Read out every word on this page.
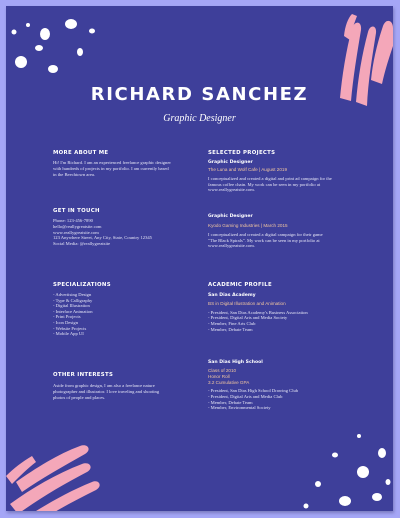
RICHARD SANCHEZ
Graphic Designer

MORE ABOUT ME

Hi! I'm Richard. I am an experienced freelance graphic designer with hundreds of projects in my portfolio. I am currently based in the Beechtown area.

GET IN TOUCH

Phone: 123-456-7890

hello@reallygreatsite.com

www.reallygreatsite.com

123 Anywhere Street, Any City, State, Country 12345

Social Media: @reallygreatsite

SPECIALIZATIONS

- Advertising Design
- Type & Calligraphy
- Digital Illustration
- Interface Animation
- Print Projects
- Icon Design
- Website Projects
- Mobile App UI

OTHER INTERESTS

Aside from graphic design, I am also a freelance nature photographer and illustrator. I love traveling and shooting photos of people and places.

SELECTED PROJECTS

Graphic Designer

The Luna and Wolf Cafe | August 2019

I conceptualized and created a digital and print ad campaign for the famous coffee chain. My work can be seen in my portfolio at www.reallygreatsite.com.

Graphic Designer

Kyodo Gaming Industries | March 2015

I conceptualized and created a digital campaign for their game "The Black Spirals". My work can be seen in my portfolio at www.reallygreatsite.com.

ACADEMIC PROFILE

San Dias Academy

BS in Digital Illustration and Animation

- President, San Dias Academy's Business Association
- President, Digital Arts and Media Society
- Member, Fine Arts Club
- Member, Debate Team

San Dias High School

Class of 2010

Honor Roll

3.2 Cumulative GPA

- President, San Dias High School Drawing Club
- President, Digital Arts and Media Club
- Member, Debate Team
- Member, Environmental Society
